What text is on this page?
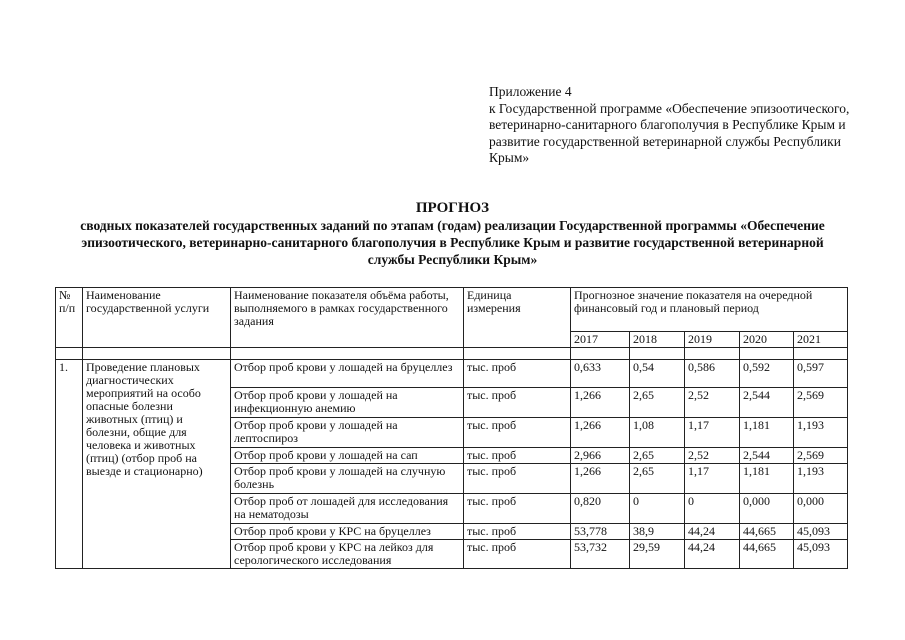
Приложение 4
к Государственной программе «Обеспечение эпизоотического, ветеринарно-санитарного благополучия в Республике Крым и развитие государственной ветеринарной службы Республики Крым»
ПРОГНОЗ
сводных показателей государственных заданий по этапам (годам) реализации Государственной программы «Обеспечение эпизоотического, ветеринарно-санитарного благополучия в Республике Крым и развитие государственной ветеринарной службы Республики Крым»
№ п/п	Наименование государственной услуги	Наименование показателя объёма работы, выполняемого в рамках государственного задания	Единица измерения	Прогнозное значение показателя на очередной финансовый год и плановый период				
				2017	2018	2019	2020	2021

1.	Проведение плановых диагностических мероприятий на особо опасные болезни животных (птиц) и болезни, общие для человека и животных (птиц) (отбор проб на выезде и стационарно)	Отбор проб крови у лошадей на бруцеллез	тыс. проб	0,633	0,54	0,586	0,592	0,597
		Отбор проб крови у лошадей на инфекционную анемию	тыс. проб	1,266	2,65	2,52	2,544	2,569
		Отбор проб крови у лошадей на лептоспироз	тыс. проб	1,266	1,08	1,17	1,181	1,193
		Отбор проб крови у лошадей на сап	тыс. проб	2,966	2,65	2,52	2,544	2,569
		Отбор проб крови у лошадей на случную болезнь	тыс. проб	1,266	2,65	1,17	1,181	1,193
		Отбор проб от лошадей для исследования на нематодозы	тыс. проб	0,820	0	0	0,000	0,000
		Отбор проб крови у КРС на бруцеллез	тыс. проб	53,778	38,9	44,24	44,665	45,093
		Отбор проб крови у КРС на лейкоз для серологического исследования	тыс. проб	53,732	29,59	44,24	44,665	45,093
